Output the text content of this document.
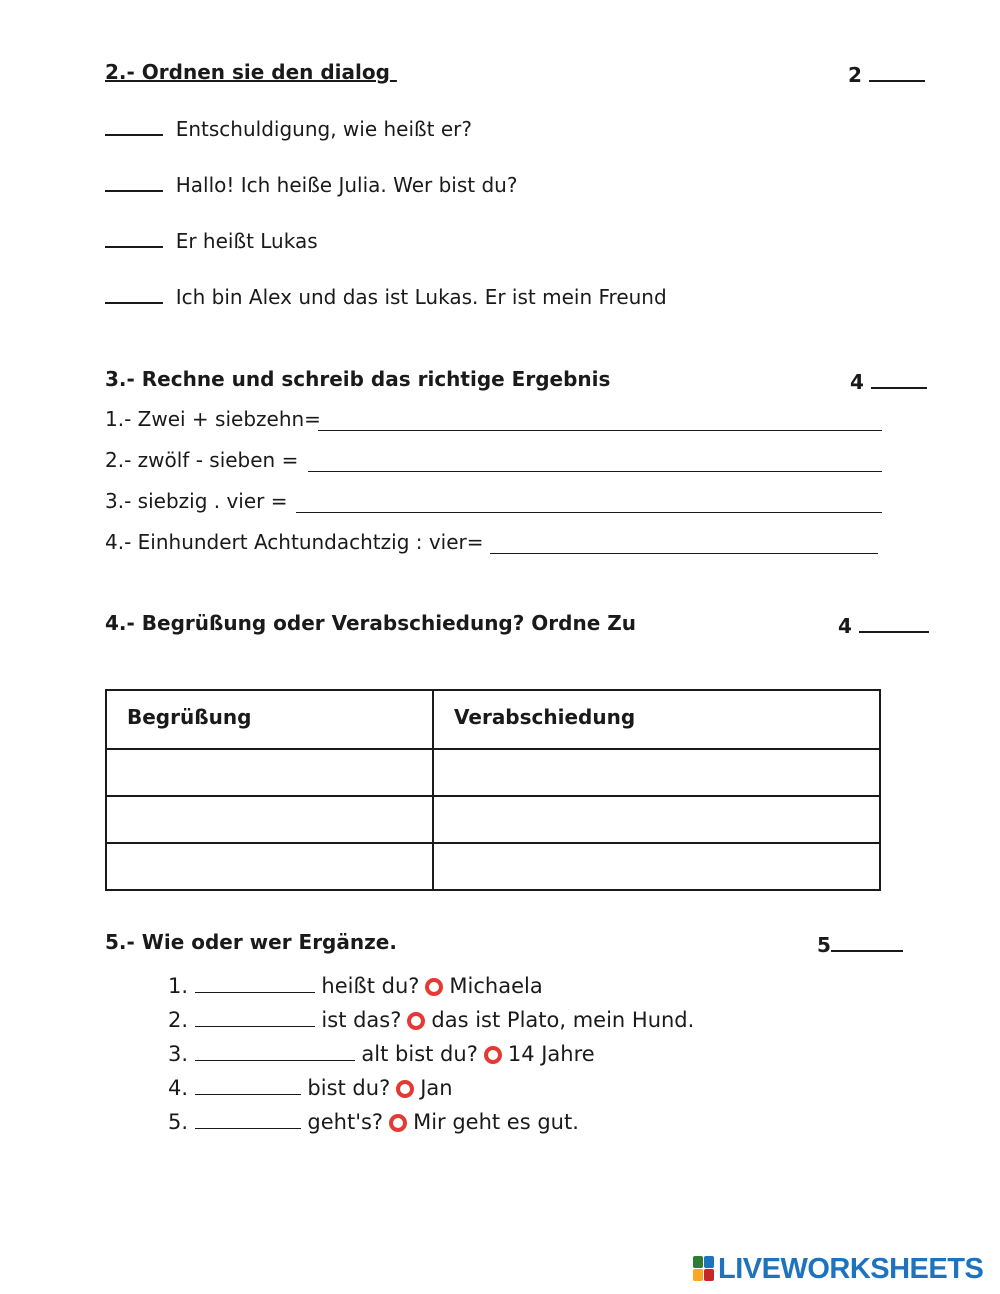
2.- Ordnen sie den dialog	2
Entschuldigung, wie heißt er?
Hallo! Ich heiße Julia. Wer bist du?
Er heißt Lukas
Ich bin Alex und das ist Lukas. Er ist mein Freund
3.- Rechne und schreib das richtige Ergebnis	4
1.- Zwei + siebzehn=
2.- zwölf - sieben =
3.- siebzig . vier =
4.- Einhundert Achtundachtzig : vier=
4.- Begrüßung oder Verabschiedung? Ordne Zu	4
Begrüßung	Verabschiedung

5.- Wie oder wer Ergänze.	5
1.	heißt du? Michaela
2.	ist das? das ist Plato, mein Hund.
3.	alt bist du? 14 Jahre
4.	bist du? Jan
5.	geht's? Mir geht es gut.
LIVEWORKSHEETS
